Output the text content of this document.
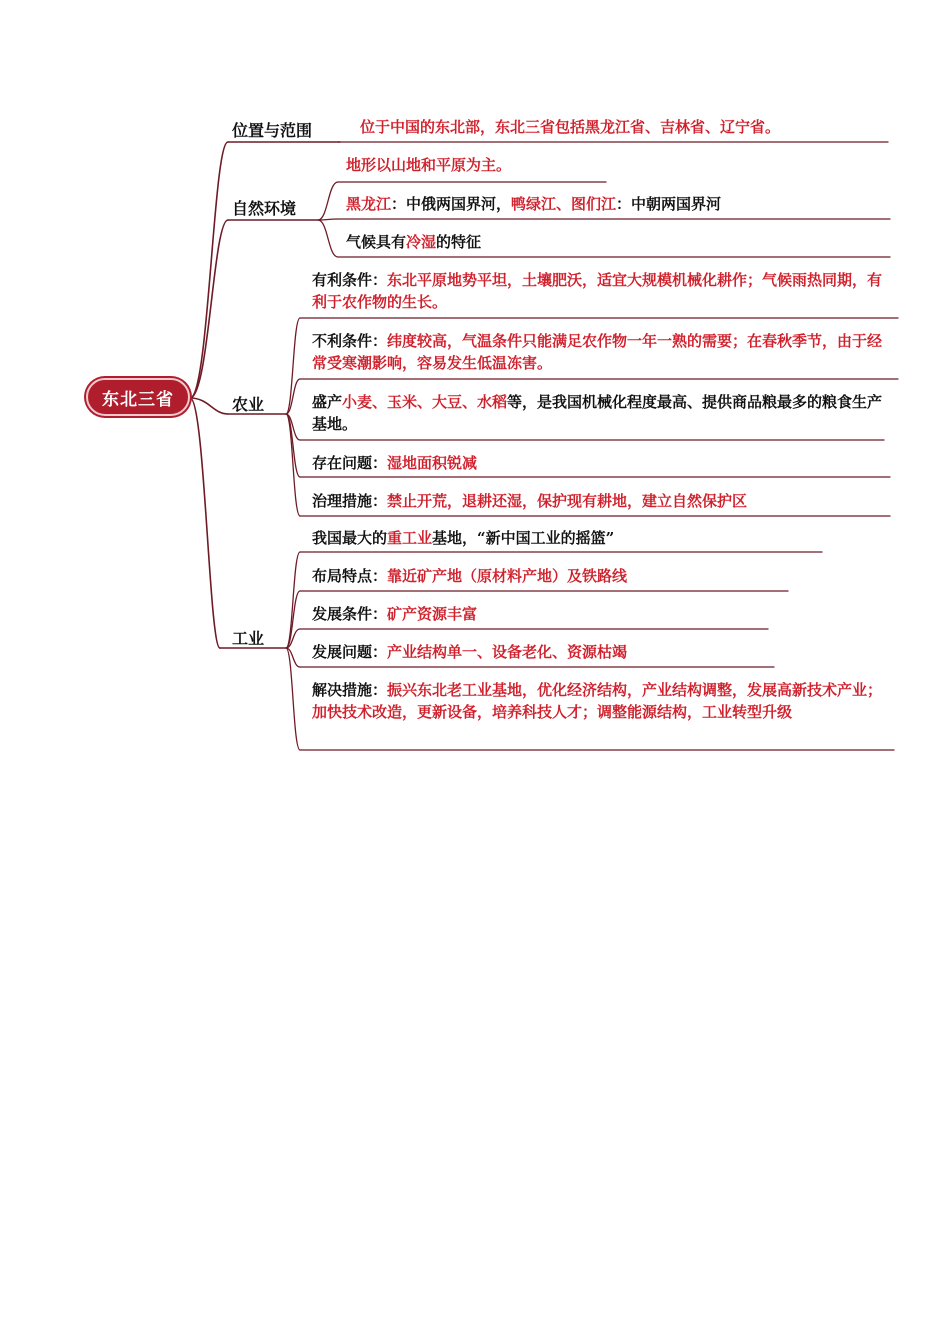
东北三省
位置与范围
自然环境
农业
工业
位于中国的东北部，东北三省包括黑龙江省、吉林省、辽宁省。
地形以山地和平原为主。
黑龙江：中俄两国界河，鸭绿江、图们江：中朝两国界河
气候具有冷湿的特征
有利条件：东北平原地势平坦，土壤肥沃，适宜大规模机械化耕作；气候雨热同期，有利于农作物的生长。
不利条件：纬度较高，气温条件只能满足农作物一年一熟的需要；在春秋季节，由于经常受寒潮影响，容易发生低温冻害。
盛产小麦、玉米、大豆、水稻等，是我国机械化程度最高、提供商品粮最多的粮食生产基地。
存在问题：湿地面积锐减
治理措施：禁止开荒，退耕还湿，保护现有耕地，建立自然保护区
我国最大的重工业基地，“新中国工业的摇篮”
布局特点：靠近矿产地（原材料产地）及铁路线
发展条件：矿产资源丰富
发展问题：产业结构单一、设备老化、资源枯竭
解决措施：振兴东北老工业基地，优化经济结构，产业结构调整，发展高新技术产业；加快技术改造，更新设备，培养科技人才；调整能源结构，工业转型升级
